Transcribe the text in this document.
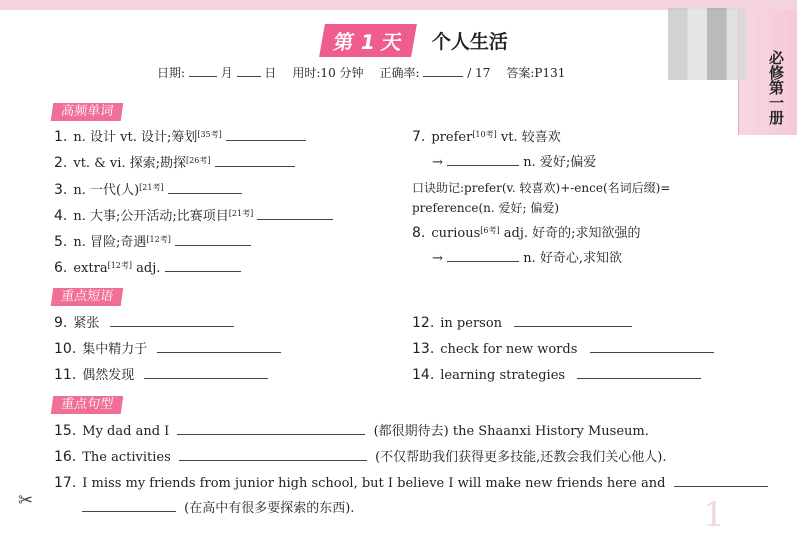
必修第一册
第 1 天	个人生活
日期:	月	日 用时:10 分钟 正确率:	/ 17 答案:P131
高频单词
1. n. 设计 vt. 设计;筹划[35考]
2. vt. & vi. 探索;勘探[26考]
3. n. 一代(人)[21考]
4. n. 大事;公开活动;比赛项目[21考]
5. n. 冒险;奇遇[12考]
6. extra[12考] adj.
7. prefer[10考] vt. 较喜欢
→	n. 爱好;偏爱
口诀助记:prefer(v. 较喜欢)+-ence(名词后缀)=
preference(n. 爱好; 偏爱)
8. curious[6考] adj. 好奇的;求知欲强的
→	n. 好奇心,求知欲
重点短语
9. 紧张
10. 集中精力于
11. 偶然发现
12. in person
13. check for new words
14. learning strategies
重点句型
15. My dad and I	(都很期待去) the Shaanxi History Museum.
16. The activities	(不仅帮助我们获得更多技能,还教会我们关心他人).
17. I miss my friends from junior high school, but I believe I will make new friends here and
(在高中有很多要探索的东西).
✂	1
